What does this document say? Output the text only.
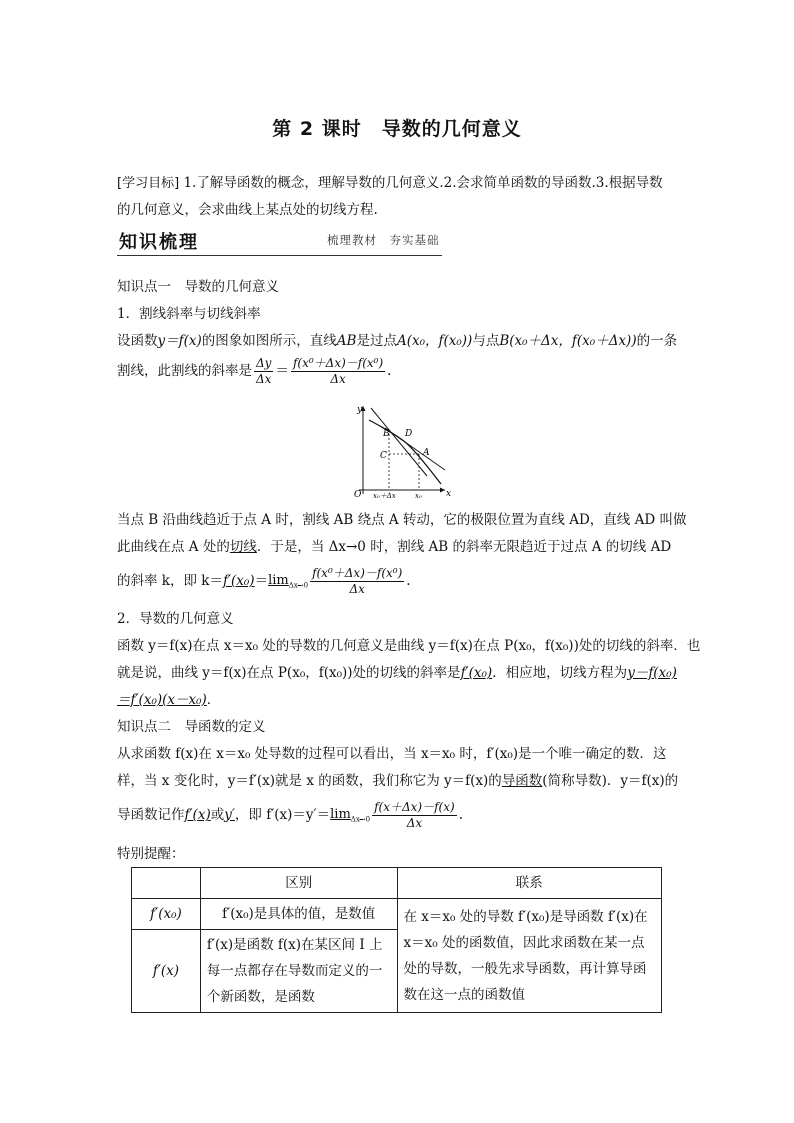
第 2 课时　导数的几何意义
[学习目标] 1.了解导函数的概念，理解导数的几何意义.2.会求简单函数的导函数.3.根据导数
的几何意义，会求曲线上某点处的切线方程.
知识梳理	梳理教材　夯实基础
知识点一　导数的几何意义
1．割线斜率与切线斜率
设函数y＝f(x)的图象如图所示，直线AB是过点A(x₀，f(x₀))与点B(x₀＋Δx，f(x₀＋Δx))的一条
割线，此割线的斜率是 $\frac{\Delta y}{\Delta x} = \frac{\text{f(x⁰＋Δx)－f(x⁰)}}{\Delta x}$ .
y
x
O
B D
C	A
x₀＋Δx	x₀
当点 B 沿曲线趋近于点 A 时，割线 AB 绕点 A 转动，它的极限位置为直线 AD，直线 AD 叫做
此曲线在点 A 处的切线．于是，当 Δx→0 时，割线 AB 的斜率无限趋近于过点 A 的切线 AD
的斜率 k，即 $k=f'(x_0)=\lim_{\Delta x\to 0} \frac{\text{f(x⁰＋Δx)－f(x⁰)}}{\Delta x}$ .
2．导数的几何意义
函数 y＝f(x)在点 x＝x₀ 处的导数的几何意义是曲线 y＝f(x)在点 P(x₀，f(x₀))处的切线的斜率．也
就是说，曲线 y＝f(x)在点 P(x₀，f(x₀))处的切线的斜率是f′(x₀)．相应地，切线方程为y－f(x₀)
＝f′(x₀)(x－x₀)．
知识点二　导函数的定义
从求函数 f(x)在 x＝x₀ 处导数的过程可以看出，当 x＝x₀ 时，f′(x₀)是一个唯一确定的数．这
样，当 x 变化时，y＝f′(x)就是 x 的函数，我们称它为 y＝f(x)的导函数(简称导数)．y＝f(x)的
导函数记作f′(x)或y′，即 $f'(x)=y'=\lim_{\Delta x\to 0} \frac{f(x+\Delta x)-f(x)}{\Delta x}$ .
特别提醒：
	区别	联系
f′(x₀)	f′(x₀)是具体的值，是数值	在 x＝x₀ 处的导数 f′(x₀)是导函数 f′(x)在 x＝x₀ 处的函数值，因此求函数在某一点处的导数，一般先求导函数，再计算导函数在这一点的函数值
f′(x)	f′(x)是函数 f(x)在某区间 I 上每一点都存在导数而定义的一个新函数，是函数	
